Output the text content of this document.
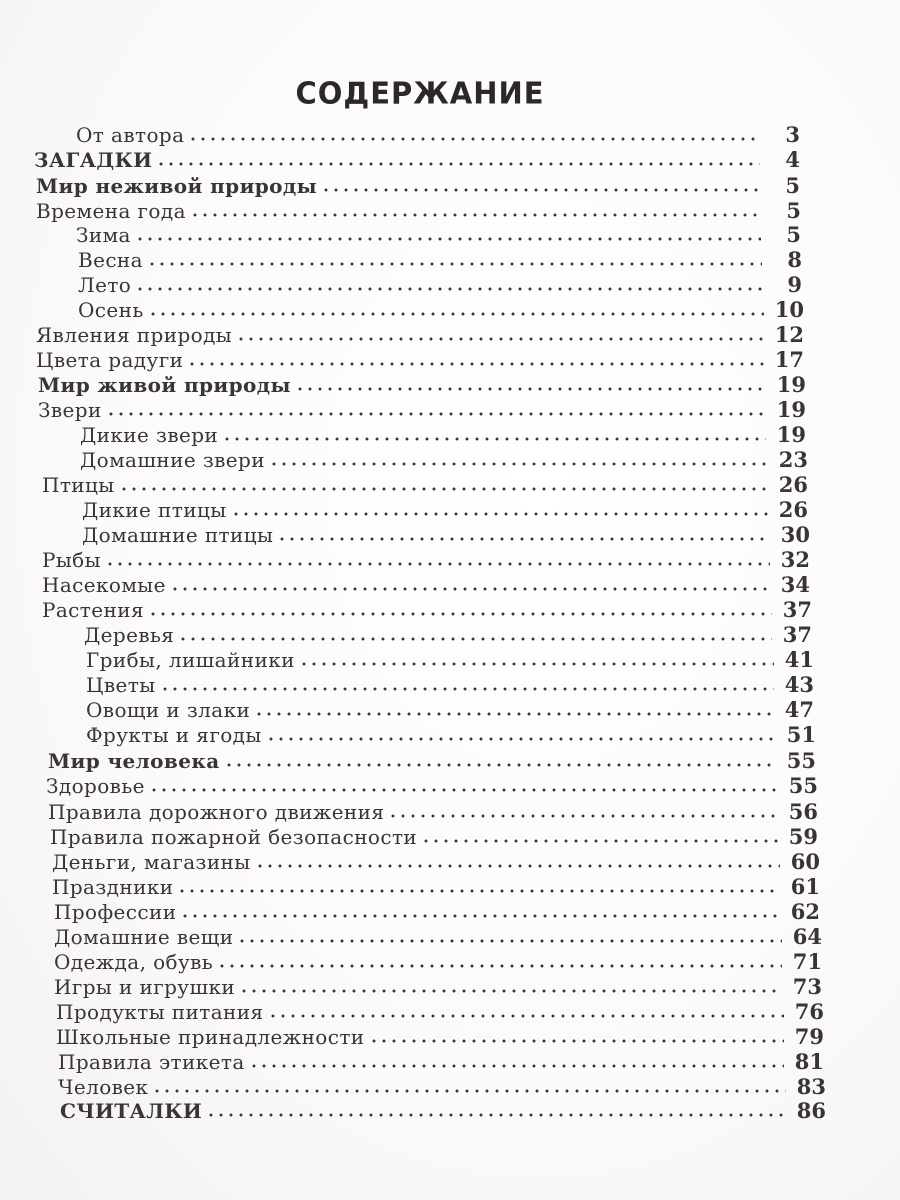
СОДЕРЖАНИЕ
От автора	3
ЗАГАДКИ	4
Мир неживой природы	5
Времена года	5
Зима	5
Весна	8
Лето	9
Осень	10
Явления природы	12
Цвета радуги	17
Мир живой природы	19
Звери	19
Дикие звери	19
Домашние звери	23
Птицы	26
Дикие птицы	26
Домашние птицы	30
Рыбы	32
Насекомые	34
Растения	37
Деревья	37
Грибы, лишайники	41
Цветы	43
Овощи и злаки	47
Фрукты и ягоды	51
Мир человека	55
Здоровье	55
Правила дорожного движения	56
Правила пожарной безопасности	59
Деньги, магазины	60
Праздники	61
Профессии	62
Домашние вещи	64
Одежда, обувь	71
Игры и игрушки	73
Продукты питания	76
Школьные принадлежности	79
Правила этикета	81
Человек	83
СЧИТАЛКИ	86
